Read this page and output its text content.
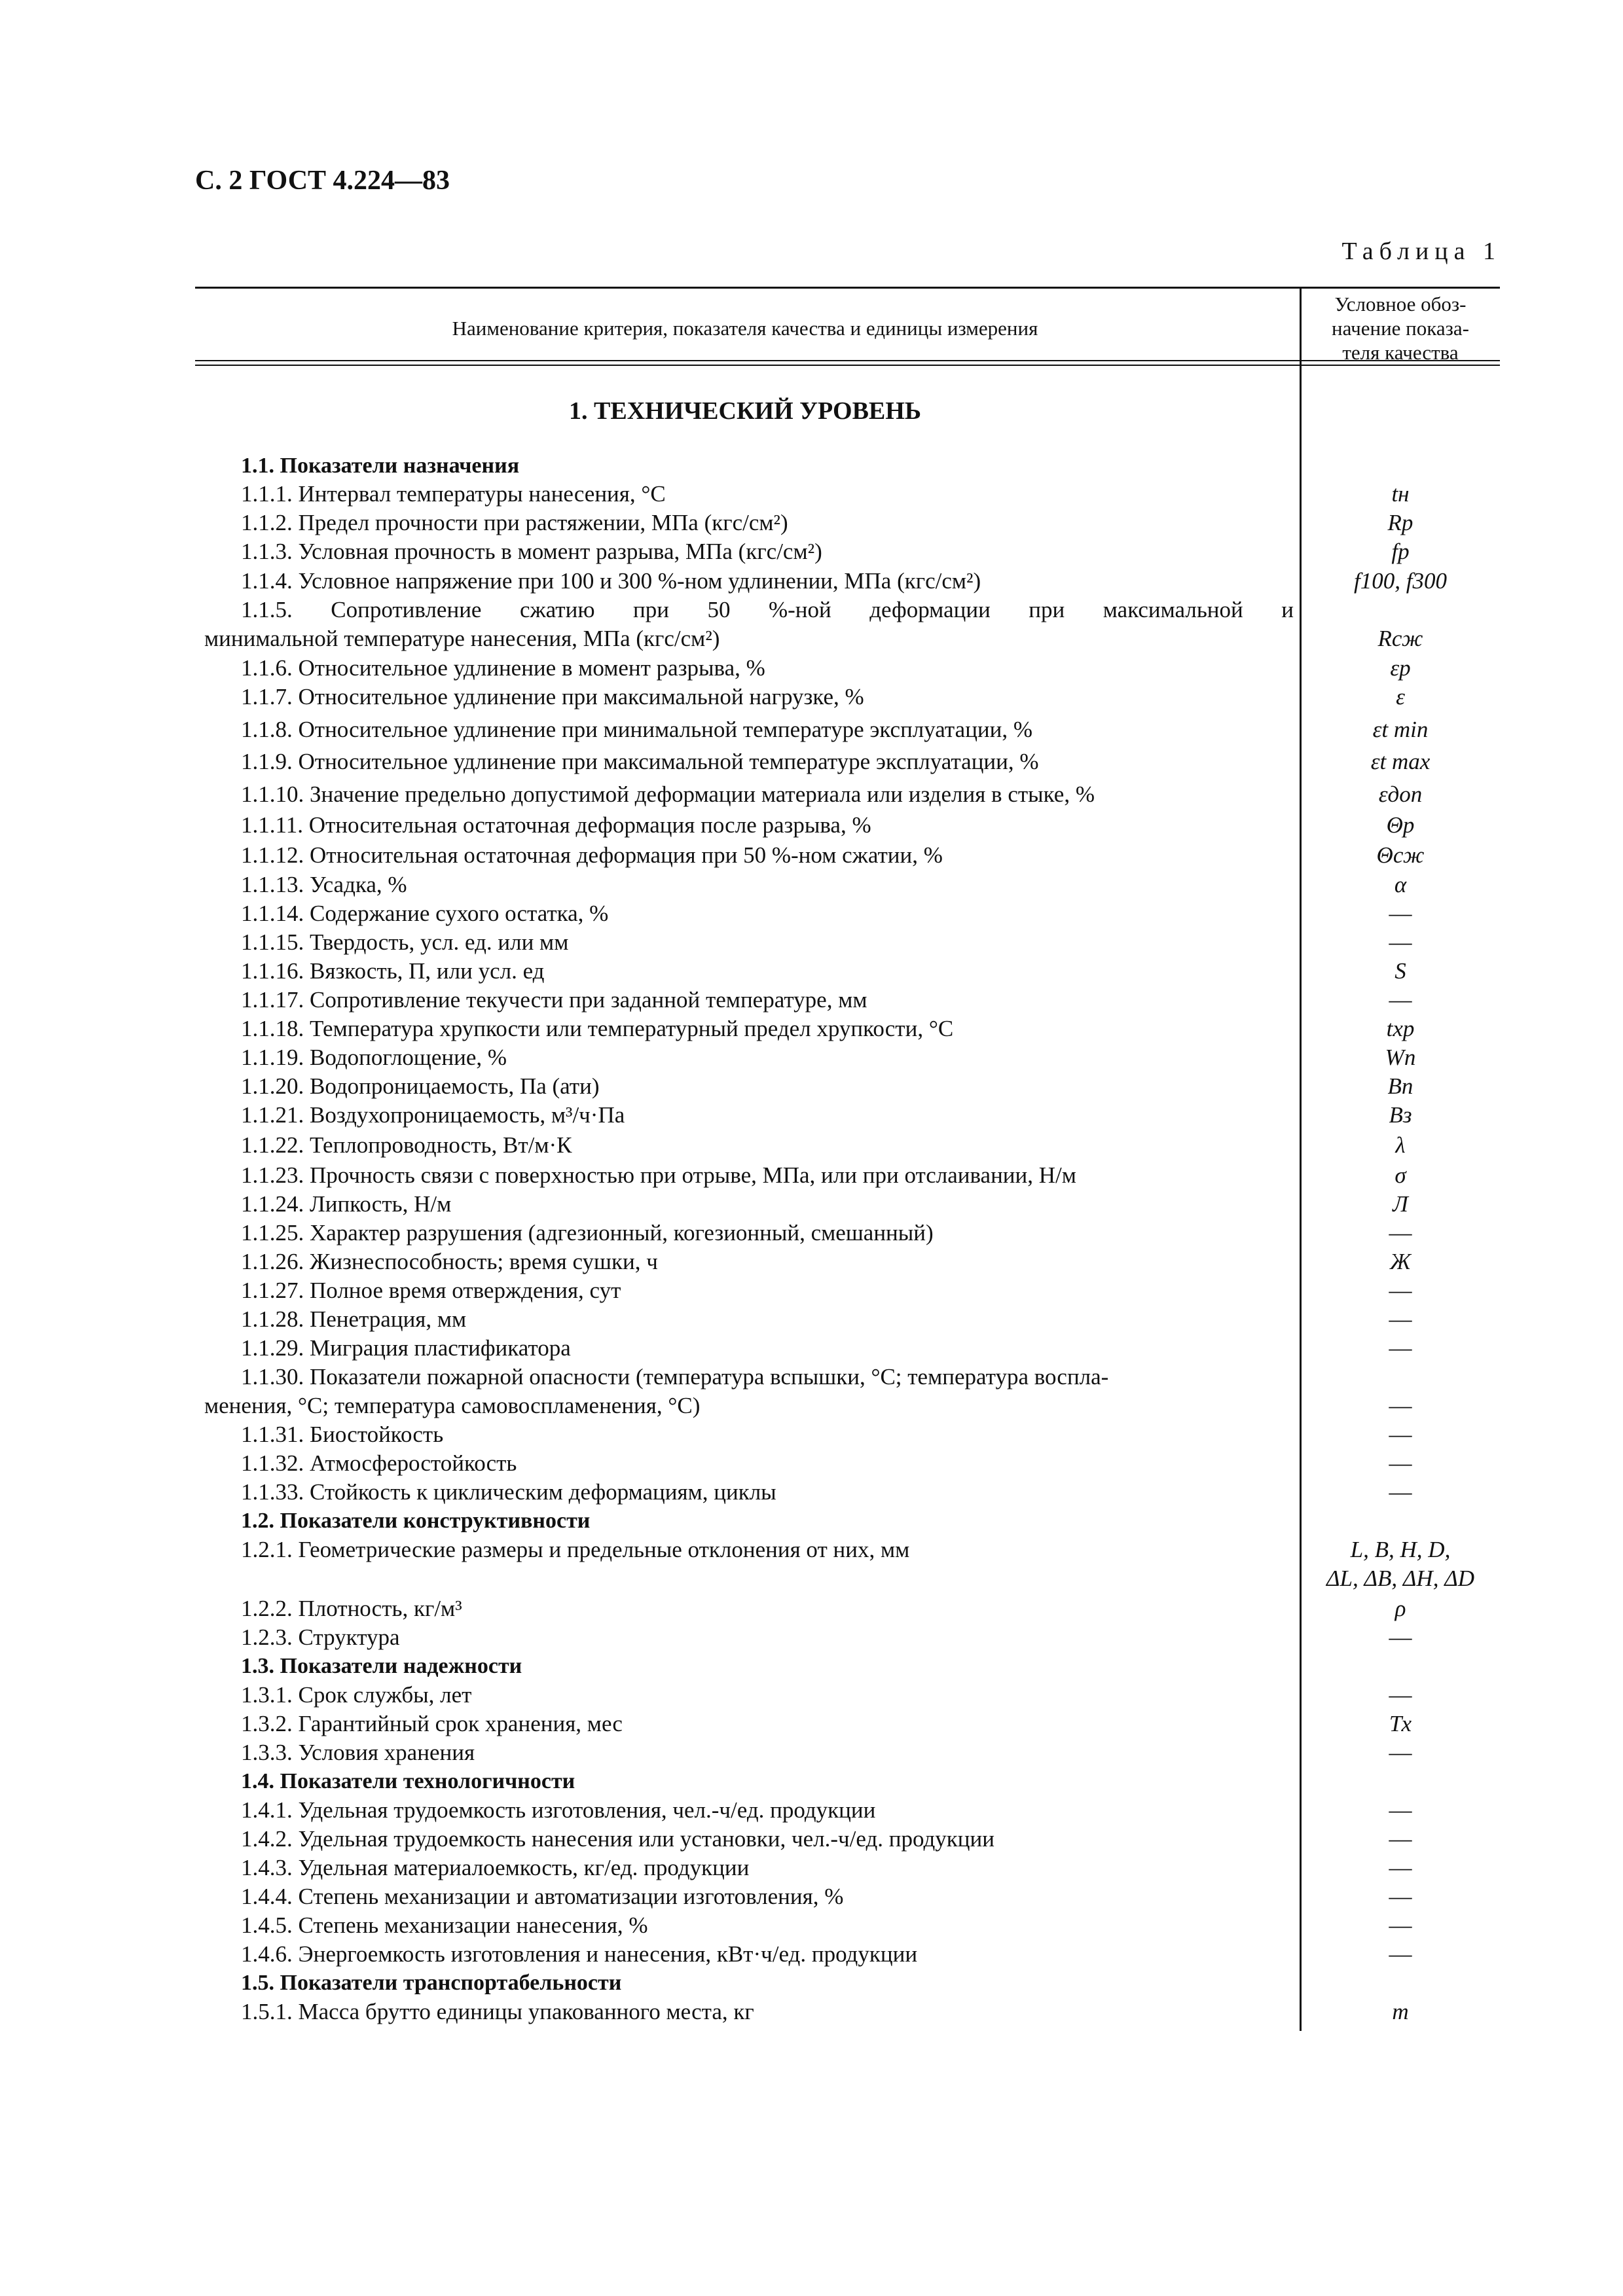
С. 2 ГОСТ 4.224—83
Таблица 1
Наименование критерия, показателя качества и единицы измерения
Условное обоз-
начение показа-
теля качества
1. ТЕХНИЧЕСКИЙ УРОВЕНЬ
1.1. Показатели назначения
1.1.1. Интервал температуры нанесения, °С	tн
1.1.2. Предел прочности при растяжении, МПа (кгс/см²)	Rр
1.1.3. Условная прочность в момент разрыва, МПа (кгс/см²)	fр
1.1.4. Условное напряжение при 100 и 300 %-ном удлинении, МПа (кгс/см²)	f100, f300
1.1.5. Сопротивление сжатию при 50 %-ной деформации при максимальной и
минимальной температуре нанесения, МПа (кгс/см²)	Rсж
1.1.6. Относительное удлинение в момент разрыва, %	εр
1.1.7. Относительное удлинение при максимальной нагрузке, %	ε
1.1.8. Относительное удлинение при минимальной температуре эксплуатации, %	εt min
1.1.9. Относительное удлинение при максимальной температуре эксплуатации, %	εt max
1.1.10. Значение предельно допустимой деформации материала или изделия в стыке, %	εдоп
1.1.11. Относительная остаточная деформация после разрыва, %	Θр
1.1.12. Относительная остаточная деформация при 50 %-ном сжатии, %	Θсж
1.1.13. Усадка, %	α
1.1.14. Содержание сухого остатка, %	—
1.1.15. Твердость, усл. ед. или мм	—
1.1.16. Вязкость, П, или усл. ед	S
1.1.17. Сопротивление текучести при заданной температуре, мм	—
1.1.18. Температура хрупкости или температурный предел хрупкости, °С	tхр
1.1.19. Водопоглощение, %	Wп
1.1.20. Водопроницаемость, Па (ати)	Вп
1.1.21. Воздухопроницаемость, м³/ч·Па	Вз
1.1.22. Теплопроводность, Вт/м·К	λ
1.1.23. Прочность связи с поверхностью при отрыве, МПа, или при отслаивании, Н/м	σ
1.1.24. Липкость, Н/м	Л
1.1.25. Характер разрушения (адгезионный, когезионный, смешанный)	—
1.1.26. Жизнеспособность; время сушки, ч	Ж
1.1.27. Полное время отверждения, сут	—
1.1.28. Пенетрация, мм	—
1.1.29. Миграция пластификатора	—
1.1.30. Показатели пожарной опасности (температура вспышки, °С; температура воспла-
менения, °С; температура самовоспламенения, °С)	—
1.1.31. Биостойкость	—
1.1.32. Атмосферостойкость	—
1.1.33. Стойкость к циклическим деформациям, циклы	—
1.2. Показатели конструктивности
1.2.1. Геометрические размеры и предельные отклонения от них, мм	L, B, H, D,
ΔL, ΔB, ΔH, ΔD
1.2.2. Плотность, кг/м³	ρ
1.2.3. Структура	—
1.3. Показатели надежности
1.3.1. Срок службы, лет	—
1.3.2. Гарантийный срок хранения, мес	Тх
1.3.3. Условия хранения	—
1.4. Показатели технологичности
1.4.1. Удельная трудоемкость изготовления, чел.-ч/ед. продукции	—
1.4.2. Удельная трудоемкость нанесения или установки, чел.-ч/ед. продукции	—
1.4.3. Удельная материалоемкость, кг/ед. продукции	—
1.4.4. Степень механизации и автоматизации изготовления, %	—
1.4.5. Степень механизации нанесения, %	—
1.4.6. Энергоемкость изготовления и нанесения, кВт·ч/ед. продукции	—
1.5. Показатели транспортабельности
1.5.1. Масса брутто единицы упакованного места, кг	m
